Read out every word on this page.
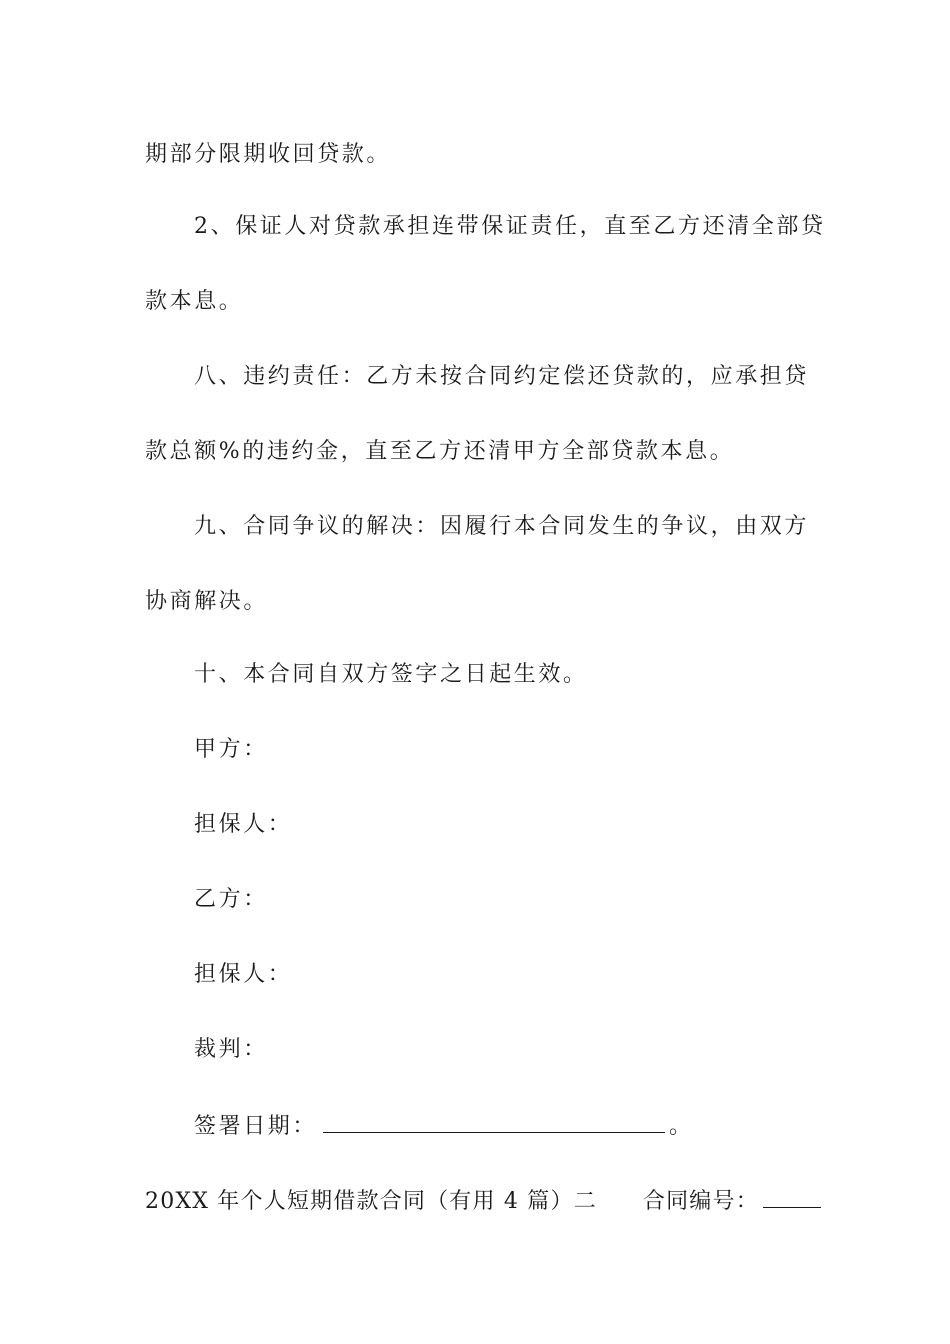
期部分限期收回贷款。
2、保证人对贷款承担连带保证责任，直至乙方还清全部贷
款本息。
八、违约责任：乙方未按合同约定偿还贷款的，应承担贷
款总额%的违约金，直至乙方还清甲方全部贷款本息。
九、合同争议的解决：因履行本合同发生的争议，由双方
协商解决。
十、本合同自双方签字之日起生效。
甲方：
担保人：
乙方：
担保人：
裁判：
签署日期：	。
20XX 年个人短期借款合同（有用 4 篇）二 合同编号：
